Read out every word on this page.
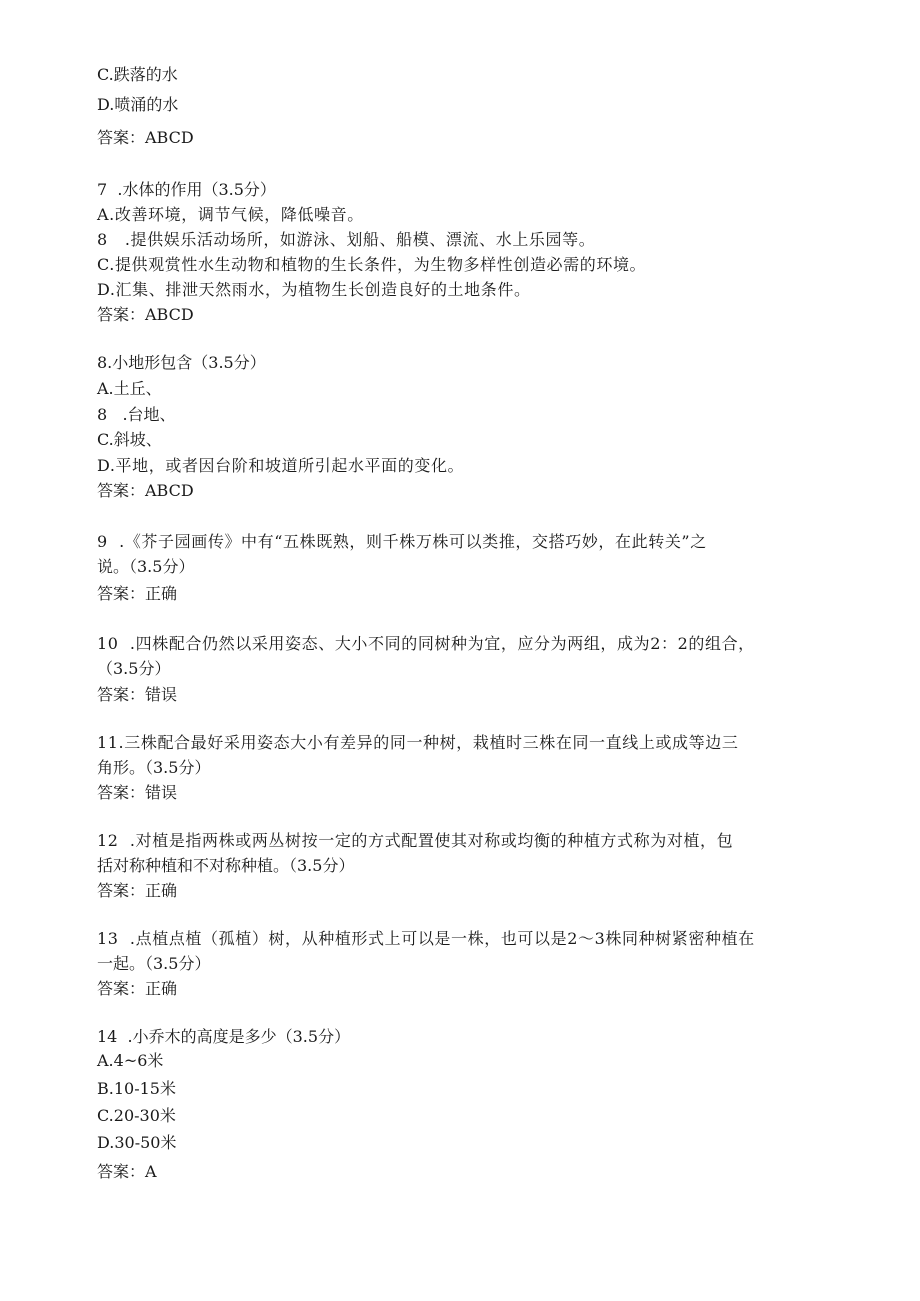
C.跌落的水
D.喷涌的水
答案：ABCD
7  .水体的作用（3.5分）
A.改善环境，调节气候，降低噪音。
8   .提供娱乐活动场所，如游泳、划船、船模、漂流、水上乐园等。
C.提供观赏性水生动物和植物的生长条件，为生物多样性创造必需的环境。
D.汇集、排泄天然雨水，为植物生长创造良好的土地条件。
答案：ABCD
8.小地形包含（3.5分）
A.土丘、
8   .台地、
C.斜坡、
D.平地，或者因台阶和坡道所引起水平面的变化。
答案：ABCD
9  .《芥子园画传》中有“五株既熟，则千株万株可以类推，交搭巧妙，在此转关”之
说。（3.5分）
答案：正确
10  .四株配合仍然以采用姿态、大小不同的同树种为宜，应分为两组，成为2：2的组合，
（3.5分）
答案：错误
11.三株配合最好采用姿态大小有差异的同一种树，栽植时三株在同一直线上或成等边三
角形。（3.5分）
答案：错误
12  .对植是指两株或两丛树按一定的方式配置使其对称或均衡的种植方式称为对植，包
括对称种植和不对称种植。（3.5分）
答案：正确
13  .点植点植（孤植）树，从种植形式上可以是一株，也可以是2～3株同种树紧密种植在
一起。（3.5分）
答案：正确
14  .小乔木的高度是多少（3.5分）
A.4~6米
B.10-15米
C.20-30米
D.30-50米
答案：A
